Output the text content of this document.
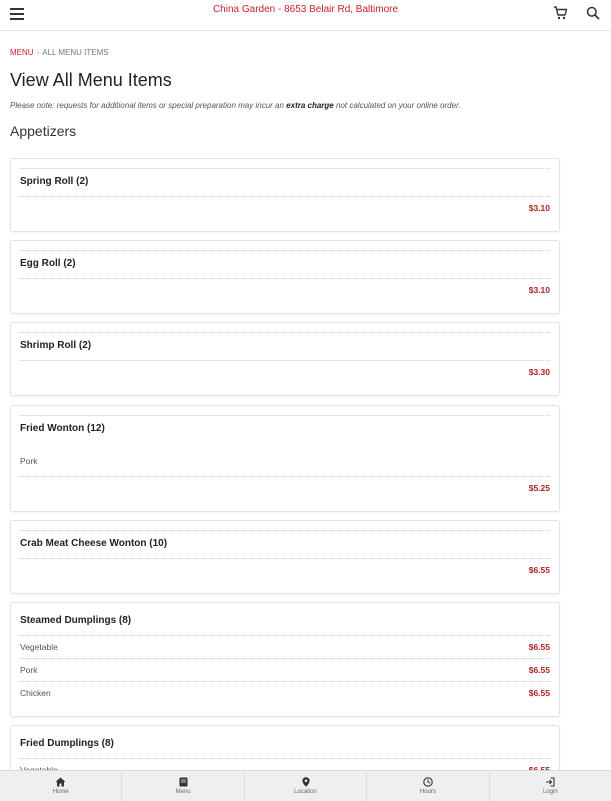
China Garden - 8653 Belair Rd, Baltimore
MENU › ALL MENU ITEMS
View All Menu Items
Please note: requests for additional items or special preparation may incur an extra charge not calculated on your online order.
Appetizers
Spring Roll (2)
$3.10
Egg Roll (2)
$3.10
Shrimp Roll (2)
$3.30
Fried Wonton (12)
Pork
$5.25
Crab Meat Cheese Wonton (10)
$6.55
Steamed Dumplings (8)
Vegetable	$6.55
Pork	$6.55
Chicken	$6.55
Fried Dumplings (8)
Home	Menu	Location	Hours	Login
